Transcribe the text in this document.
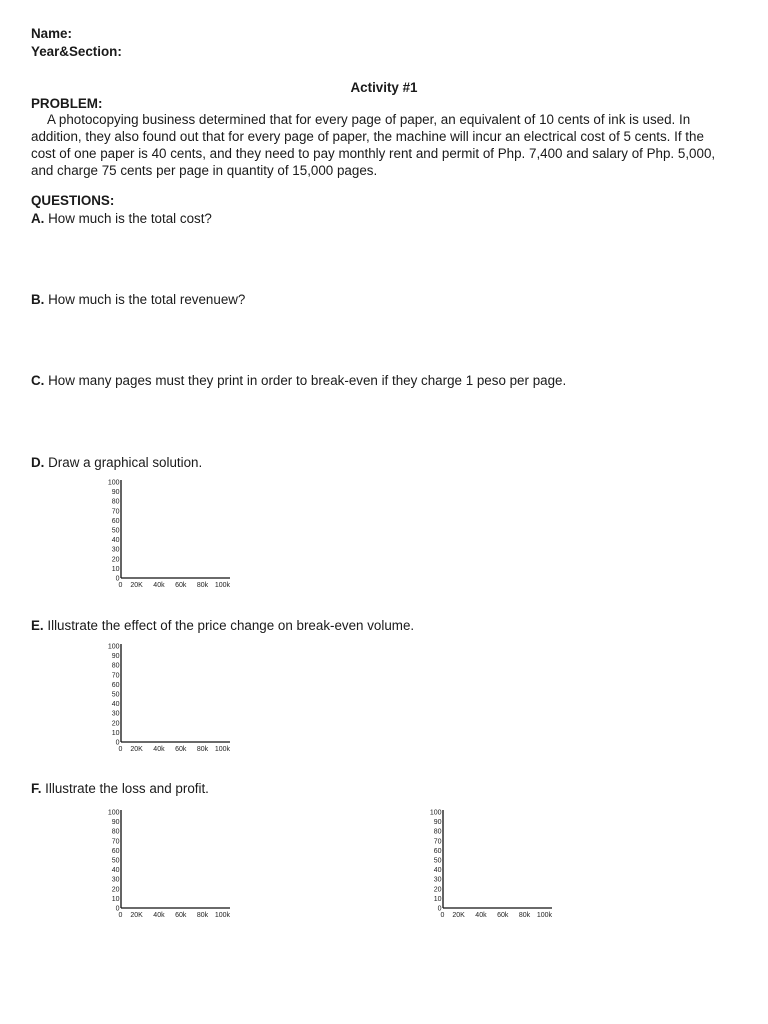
Name:
Year&Section:
Activity #1
PROBLEM:
A photocopying business determined that for every page of paper, an equivalent of 10 cents of ink is used. In addition, they also found out that for every page of paper, the machine will incur an electrical cost of 5 cents. If the cost of one paper is 40 cents, and they need to pay monthly rent and permit of Php. 7,400 and salary of Php. 5,000, and charge 75 cents per page in quantity of 15,000 pages.
QUESTIONS:
A. How much is the total cost?
B. How much is the total revenuew?
C. How many pages must they print in order to break-even if they charge 1 peso per page.
D. Draw a graphical solution.
E. Illustrate the effect of the price change on break-even volume.
F. Illustrate the loss and profit.
100
90
80
70
60
50
40
30
20
10
0
0 20K 40k 60k 80k 100k
100
90
80
70
60
50
40
30
20
10
0
0 20K 40k 60k 80k 100k
100
90
80
70
60
50
40
30
20
10
0
0 20K 40k 60k 80k 100k
100
90
80
70
60
50
40
30
20
10
0
0 20K 40k 60k 80k 100k
